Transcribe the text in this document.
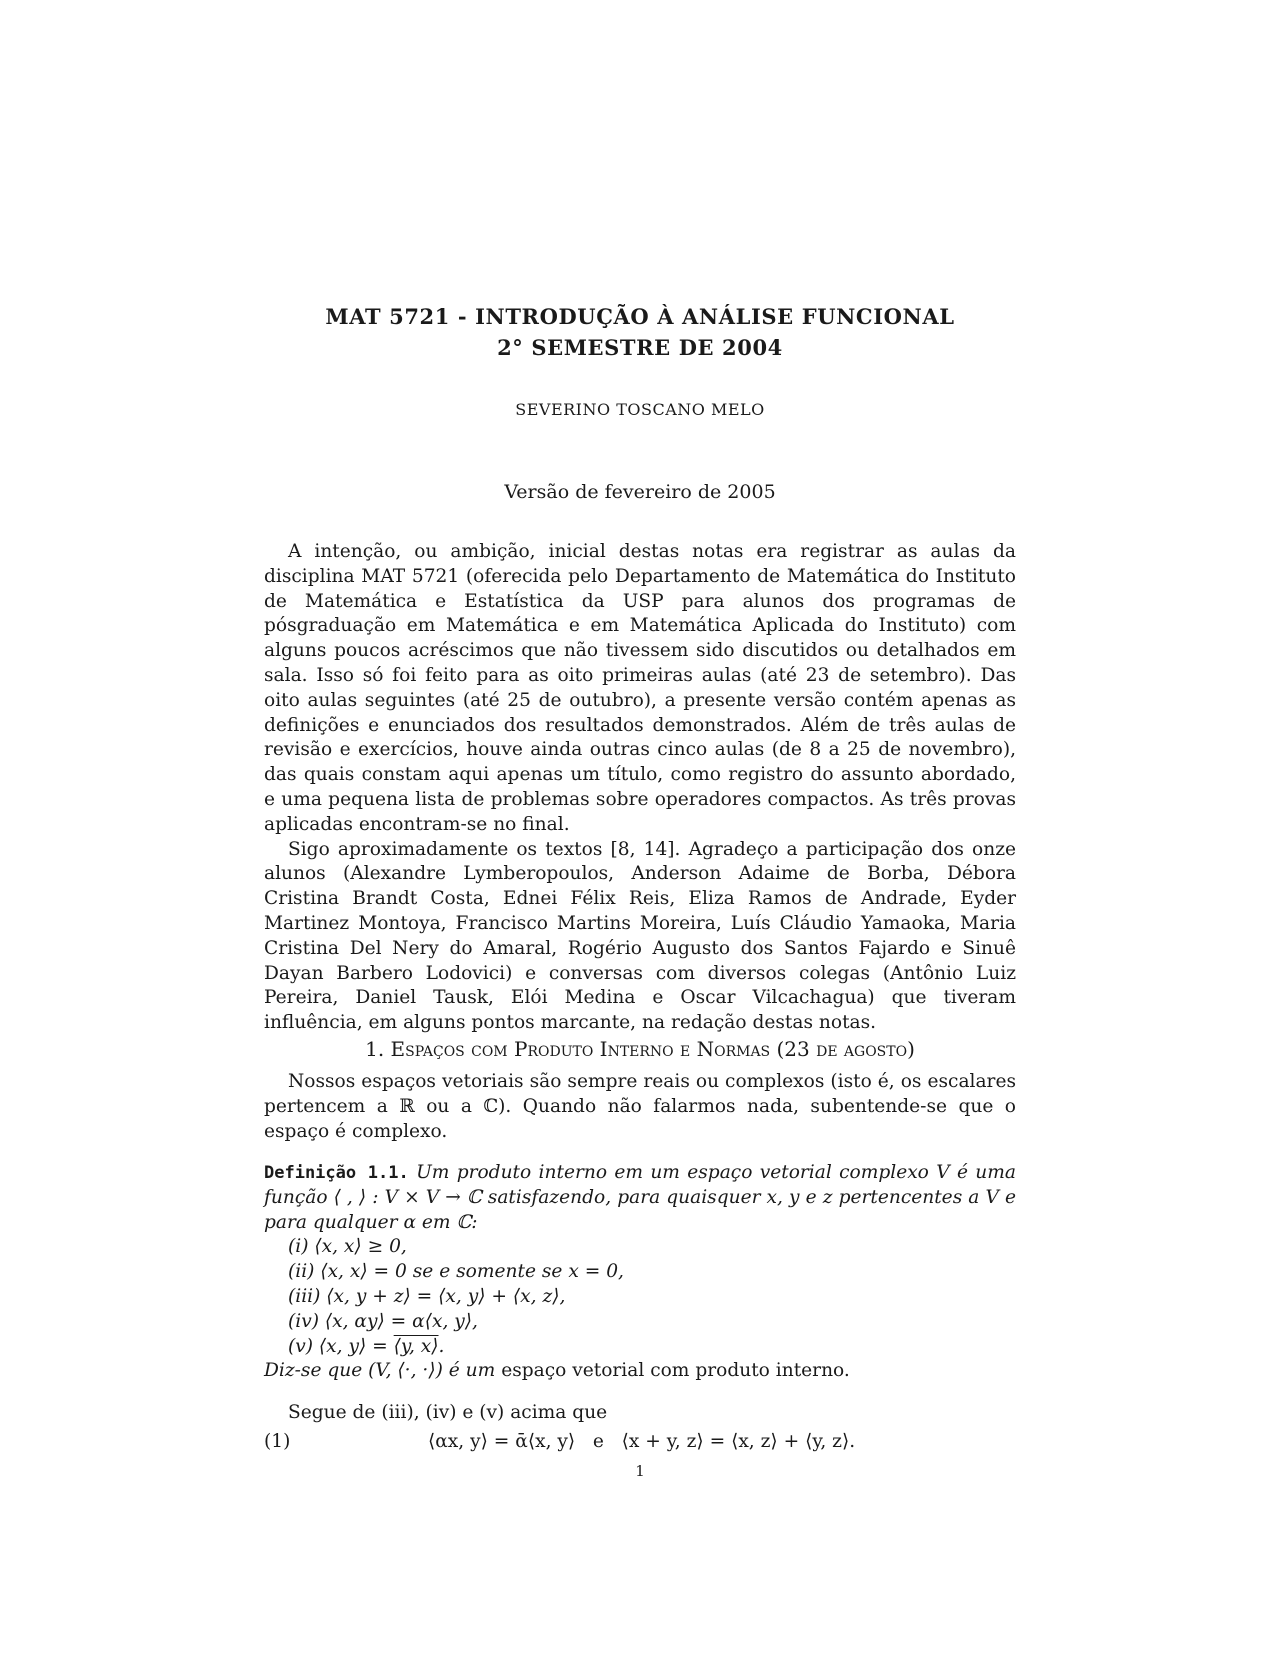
MAT 5721 - INTRODUÇÃO À ANÁLISE FUNCIONAL
2° SEMESTRE DE 2004
SEVERINO TOSCANO MELO
Versão de fevereiro de 2005

A intenção, ou ambição, inicial destas notas era registrar as aulas da disciplina MAT 5721 (oferecida pelo Departamento de Matemática do Instituto de Matemática e Estatística da USP para alunos dos programas de pósgraduação em Matemática e em Matemática Aplicada do Instituto) com alguns poucos acréscimos que não tivessem sido discutidos ou detalhados em sala. Isso só foi feito para as oito primeiras aulas (até 23 de setembro). Das oito aulas seguintes (até 25 de outubro), a presente versão contém apenas as definições e enunciados dos resultados demonstrados. Além de três aulas de revisão e exercícios, houve ainda outras cinco aulas (de 8 a 25 de novembro), das quais constam aqui apenas um título, como registro do assunto abordado, e uma pequena lista de problemas sobre operadores compactos. As três provas aplicadas encontram-se no final.

Sigo aproximadamente os textos [8, 14]. Agradeço a participação dos onze alunos (Alexandre Lymberopoulos, Anderson Adaime de Borba, Débora Cristina Brandt Costa, Ednei Félix Reis, Eliza Ramos de Andrade, Eyder Martinez Montoya, Francisco Martins Moreira, Luís Cláudio Yamaoka, Maria Cristina Del Nery do Amaral, Rogério Augusto dos Santos Fajardo e Sinuê Dayan Barbero Lodovici) e conversas com diversos colegas (Antônio Luiz Pereira, Daniel Tausk, Elói Medina e Oscar Vilcachagua) que tiveram influência, em alguns pontos marcante, na redação destas notas.

1. Espaços com Produto Interno e Normas (23 de agosto)

Nossos espaços vetoriais são sempre reais ou complexos (isto é, os escalares pertencem a ℝ ou a ℂ). Quando não falarmos nada, subentende-se que o espaço é complexo.

Definição 1.1. Um produto interno em um espaço vetorial complexo V é uma função ⟨ , ⟩ : V × V → ℂ satisfazendo, para quaisquer x, y e z pertencentes a V e para qualquer α em ℂ:
(i) ⟨x, x⟩ ≥ 0,
(ii) ⟨x, x⟩ = 0 se e somente se x = 0,
(iii) ⟨x, y + z⟩ = ⟨x, y⟩ + ⟨x, z⟩,
(iv) ⟨x, αy⟩ = α⟨x, y⟩,
(v) ⟨x, y⟩ = ⟨y, x⟩.
Diz-se que (V, ⟨·, ·⟩) é um espaço vetorial com produto interno.

Segue de (iii), (iv) e (v) acima que

(1)	⟨αx, y⟩ = ᾱ⟨x, y⟩   e   ⟨x + y, z⟩ = ⟨x, z⟩ + ⟨y, z⟩.
1
